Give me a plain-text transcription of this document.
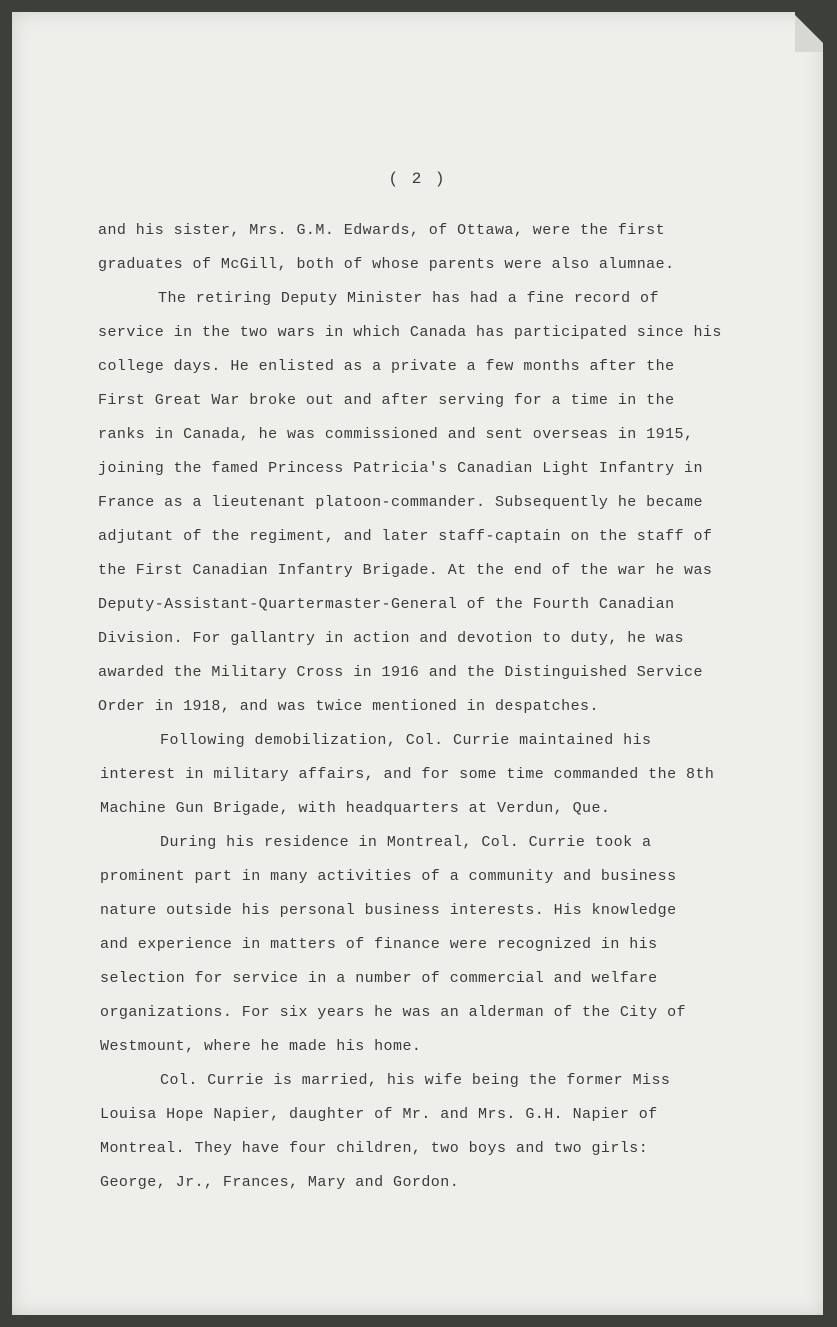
( 2 )
and his sister, Mrs. G.M. Edwards, of Ottawa, were the first
graduates of McGill, both of whose parents were also alumnae.
The retiring Deputy Minister has had a fine record of
service in the two wars in which Canada has participated since his
college days. He enlisted as a private a few months after the
First Great War broke out and after serving for a time in the
ranks in Canada, he was commissioned and sent overseas in 1915,
joining the famed Princess Patricia's Canadian Light Infantry in
France as a lieutenant platoon-commander. Subsequently he became
adjutant of the regiment, and later staff-captain on the staff of
the First Canadian Infantry Brigade. At the end of the war he was
Deputy-Assistant-Quartermaster-General of the Fourth Canadian
Division. For gallantry in action and devotion to duty, he was
awarded the Military Cross in 1916 and the Distinguished Service
Order in 1918, and was twice mentioned in despatches.
Following demobilization, Col. Currie maintained his
interest in military affairs, and for some time commanded the 8th
Machine Gun Brigade, with headquarters at Verdun, Que.
During his residence in Montreal, Col. Currie took a
prominent part in many activities of a community and business
nature outside his personal business interests. His knowledge
and experience in matters of finance were recognized in his
selection for service in a number of commercial and welfare
organizations. For six years he was an alderman of the City of
Westmount, where he made his home.
Col. Currie is married, his wife being the former Miss
Louisa Hope Napier, daughter of Mr. and Mrs. G.H. Napier of
Montreal. They have four children, two boys and two girls:
George, Jr., Frances, Mary and Gordon.
